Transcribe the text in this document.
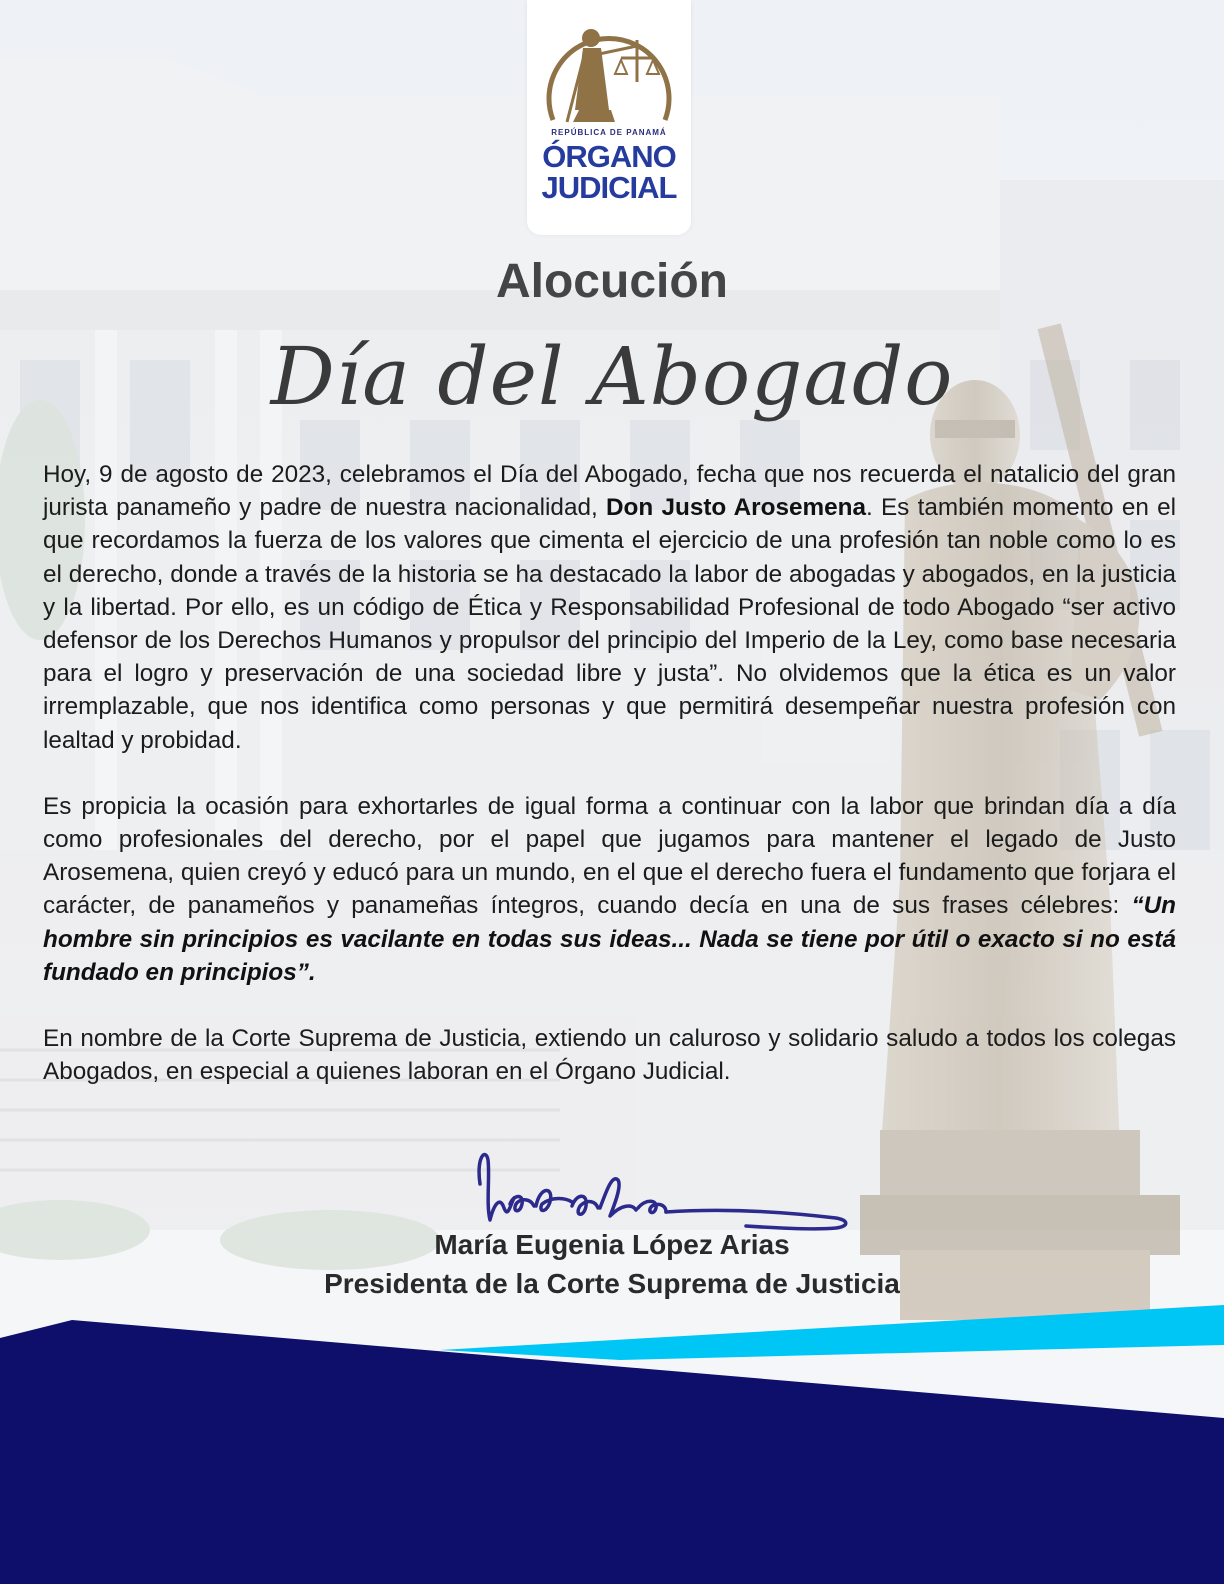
REPÚBLICA DE PANAMÁ
ÓRGANO
JUDICIAL
Alocución
Día del Abogado

Hoy, 9 de agosto de 2023, celebramos el Día del Abogado, fecha que nos recuerda el natalicio del gran jurista panameño y padre de nuestra nacionalidad, Don Justo Arosemena. Es también momento en el que recordamos la fuerza de los valores que cimenta el ejercicio de una profesión tan noble como lo es el derecho, donde a través de la historia se ha destacado la labor de abogadas y abogados, en la justicia y la libertad. Por ello, es un código de Ética y Responsabilidad Profesional de todo Abogado “ser activo defensor de los Derechos Humanos y propulsor del principio del Imperio de la Ley, como base necesaria para el logro y preservación de una sociedad libre y justa”. No olvidemos que la ética es un valor irremplazable, que nos identifica como personas y que permitirá desempeñar nuestra profesión con lealtad y probidad.

Es propicia la ocasión para exhortarles de igual forma a continuar con la labor que brindan día a día como profesionales del derecho, por el papel que jugamos para mantener el legado de Justo Arosemena, quien creyó y educó para un mundo, en el que el derecho fuera el fundamento que forjara el carácter, de panameños y panameñas íntegros, cuando decía en una de sus frases célebres: “Un hombre sin principios es vacilante en todas sus ideas... Nada se tiene por útil o exacto si no está fundado en principios”.

En nombre de la Corte Suprema de Justicia, extiendo un caluroso y solidario saludo a todos los colegas Abogados, en especial a quienes laboran en el Órgano Judicial.

María Eugenia López Arias
Presidenta de la Corte Suprema de Justicia
